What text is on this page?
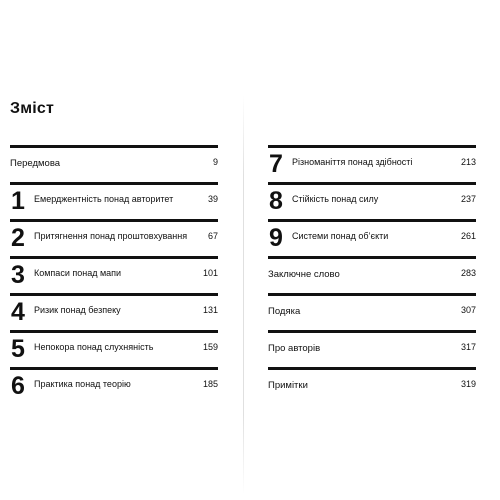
Зміст
Передмова	9
1 Емерджентність понад авторитет	39
2 Притягнення понад проштовхування 67
3 Компаси понад мапи	101
4 Ризик понад безпеку	131
5 Непокора понад слухняність	159
6 Практика понад теорію	185
7 Різноманіття понад здібності	213
8 Стійкість понад силу	237
9 Системи понад об’єкти	261
Заключне слово	283
Подяка	307
Про авторів	317
Примітки	319
